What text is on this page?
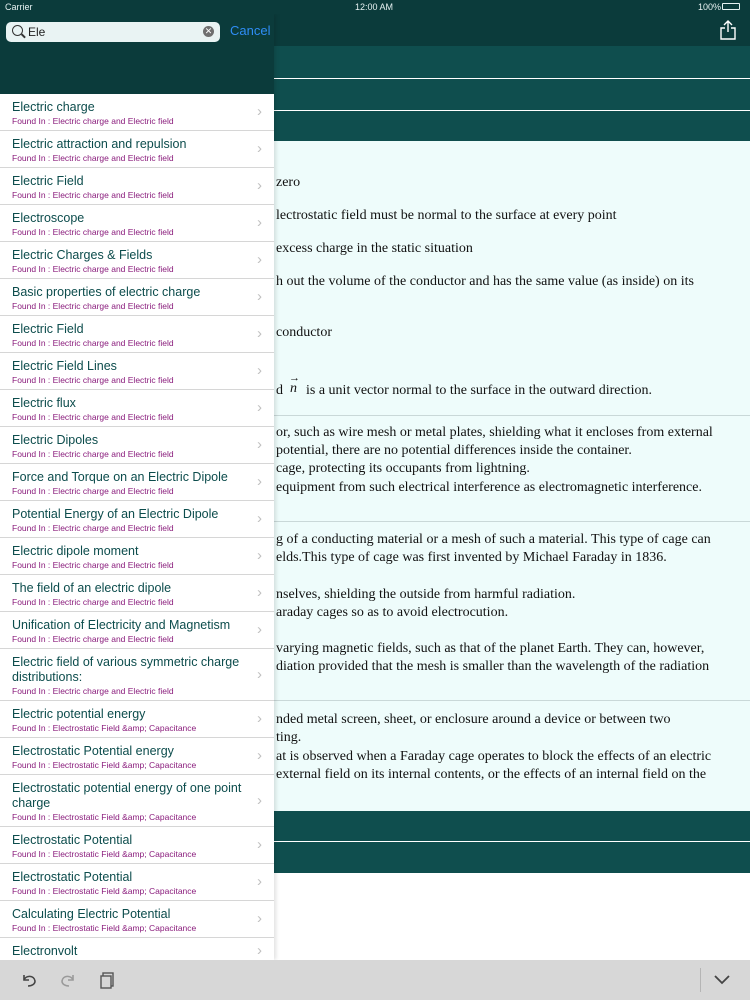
Carrier	12:00 AM	100%
zero
lectrostatic field must be normal to the surface at every point
excess charge in the static situation
h out the volume of the conductor and has the same value (as inside) on its
conductor
d
→
n is a unit vector normal to the surface in the outward direction.
or, such as wire mesh or metal plates, shielding what it encloses from external
potential, there are no potential differences inside the container.
cage, protecting its occupants from lightning.
equipment from such electrical interference as electromagnetic interference.
g of a conducting material or a mesh of such a material. This type of cage can
elds.This type of cage was first invented by Michael Faraday in 1836.
nselves, shielding the outside from harmful radiation.
araday cages so as to avoid electrocution.
varying magnetic fields, such as that of the planet Earth. They can, however,
diation provided that the mesh is smaller than the wavelength of the radiation
nded metal screen, sheet, or enclosure around a device or between two
ting.
at is observed when a Faraday cage operates to block the effects of an electric
external field on its internal contents, or the effects of an internal field on the
Ele	✕ Cancel
Electric charge
Found In : Electric charge and Electric field
›
Electric attraction and repulsion
Found In : Electric charge and Electric field
›
Electric Field
Found In : Electric charge and Electric field
›
Electroscope
Found In : Electric charge and Electric field
›
Electric Charges & Fields
Found In : Electric charge and Electric field
›
Basic properties of electric charge
Found In : Electric charge and Electric field
›
Electric Field
Found In : Electric charge and Electric field
›
Electric Field Lines
Found In : Electric charge and Electric field
›
Electric flux
Found In : Electric charge and Electric field
›
Electric Dipoles
Found In : Electric charge and Electric field
›
Force and Torque on an Electric Dipole
Found In : Electric charge and Electric field
›
Potential Energy of an Electric Dipole
Found In : Electric charge and Electric field
›
Electric dipole moment
Found In : Electric charge and Electric field
›
The field of an electric dipole
Found In : Electric charge and Electric field
›
Unification of Electricity and Magnetism
Found In : Electric charge and Electric field
›
Electric field of various symmetric charge distributions:
Found In : Electric charge and Electric field
›
Electric potential energy
Found In : Electrostatic Field &amp; Capacitance
›
Electrostatic Potential energy
Found In : Electrostatic Field &amp; Capacitance
›
Electrostatic potential energy of one point charge
Found In : Electrostatic Field &amp; Capacitance
›
Electrostatic Potential
Found In : Electrostatic Field &amp; Capacitance
›
Electrostatic Potential
Found In : Electrostatic Field &amp; Capacitance
›
Calculating Electric Potential
Found In : Electrostatic Field &amp; Capacitance
›
Electronvolt	›
